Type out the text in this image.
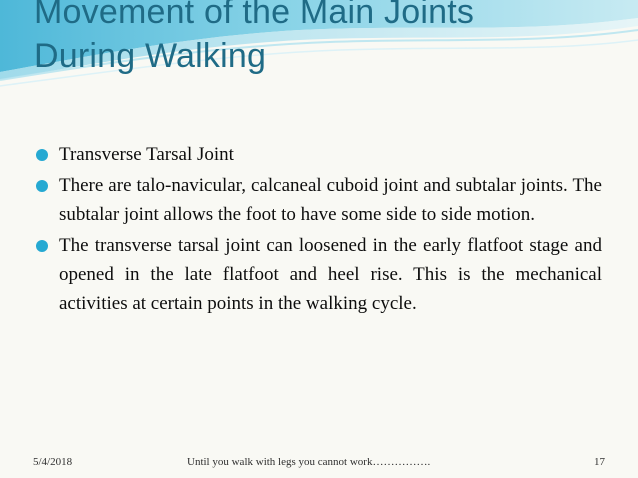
Movement of the Main Joints
During Walking
Transverse Tarsal Joint
There are talo-navicular, calcaneal cuboid joint and subtalar joints. The subtalar joint allows the foot to have some side to side motion.
The transverse tarsal joint can loosened in the early flatfoot stage and opened in the late flatfoot and heel rise. This is the mechanical activities at certain points in the walking cycle.
5/4/2018	Until you walk with legs you cannot work…………….	17
